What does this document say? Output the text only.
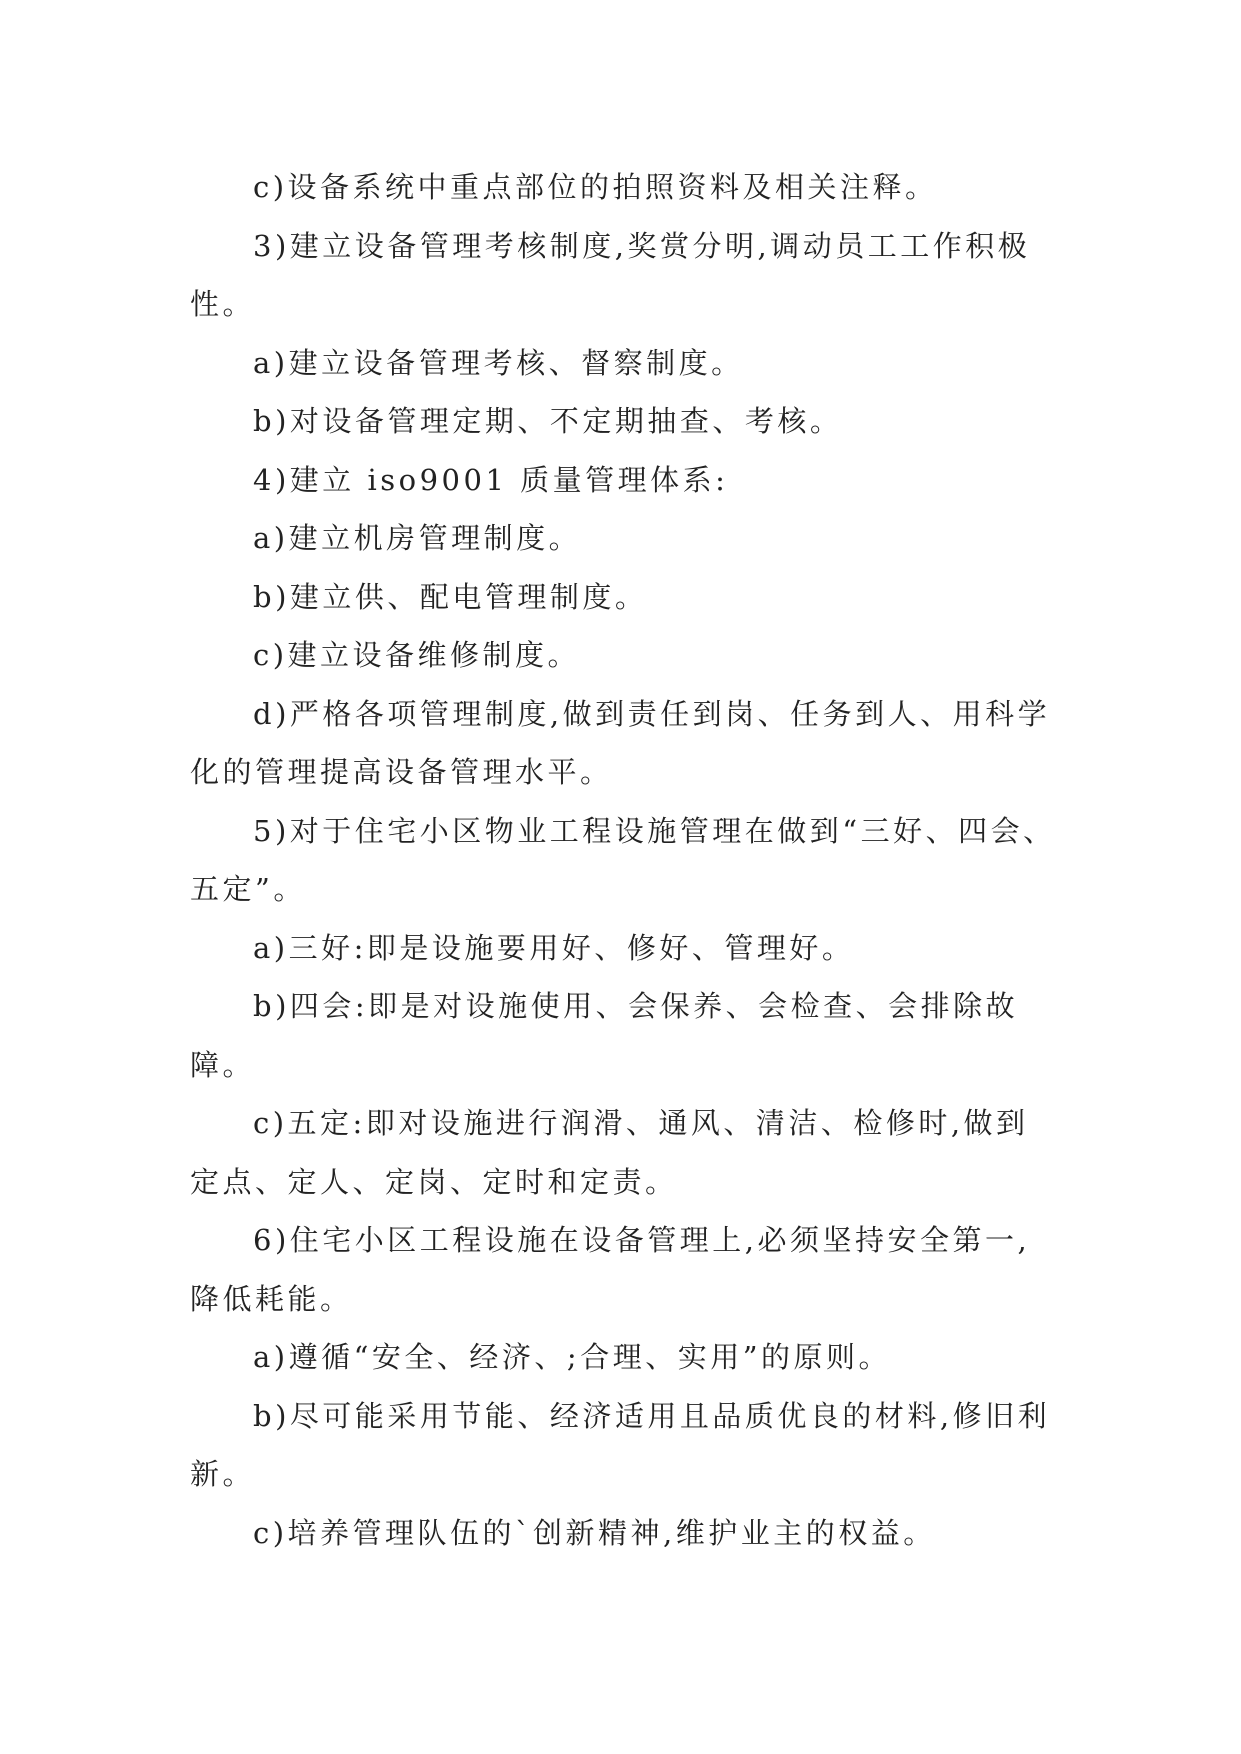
c)设备系统中重点部位的拍照资料及相关注释。

3)建立设备管理考核制度,奖赏分明,调动员工工作积极性。

a)建立设备管理考核、督察制度。

b)对设备管理定期、不定期抽查、考核。

4)建立 iso9001 质量管理体系:

a)建立机房管理制度。

b)建立供、配电管理制度。

c)建立设备维修制度。

d)严格各项管理制度,做到责任到岗、任务到人、用科学化的管理提高设备管理水平。

5)对于住宅小区物业工程设施管理在做到“三好、四会、五定”。

a)三好:即是设施要用好、修好、管理好。

b)四会:即是对设施使用、会保养、会检查、会排除故障。

c)五定:即对设施进行润滑、通风、清洁、检修时,做到定点、定人、定岗、定时和定责。

6)住宅小区工程设施在设备管理上,必须坚持安全第一,降低耗能。

a)遵循“安全、经济、;合理、实用”的原则。

b)尽可能采用节能、经济适用且品质优良的材料,修旧利新。

c)培养管理队伍的`创新精神,维护业主的权益。
